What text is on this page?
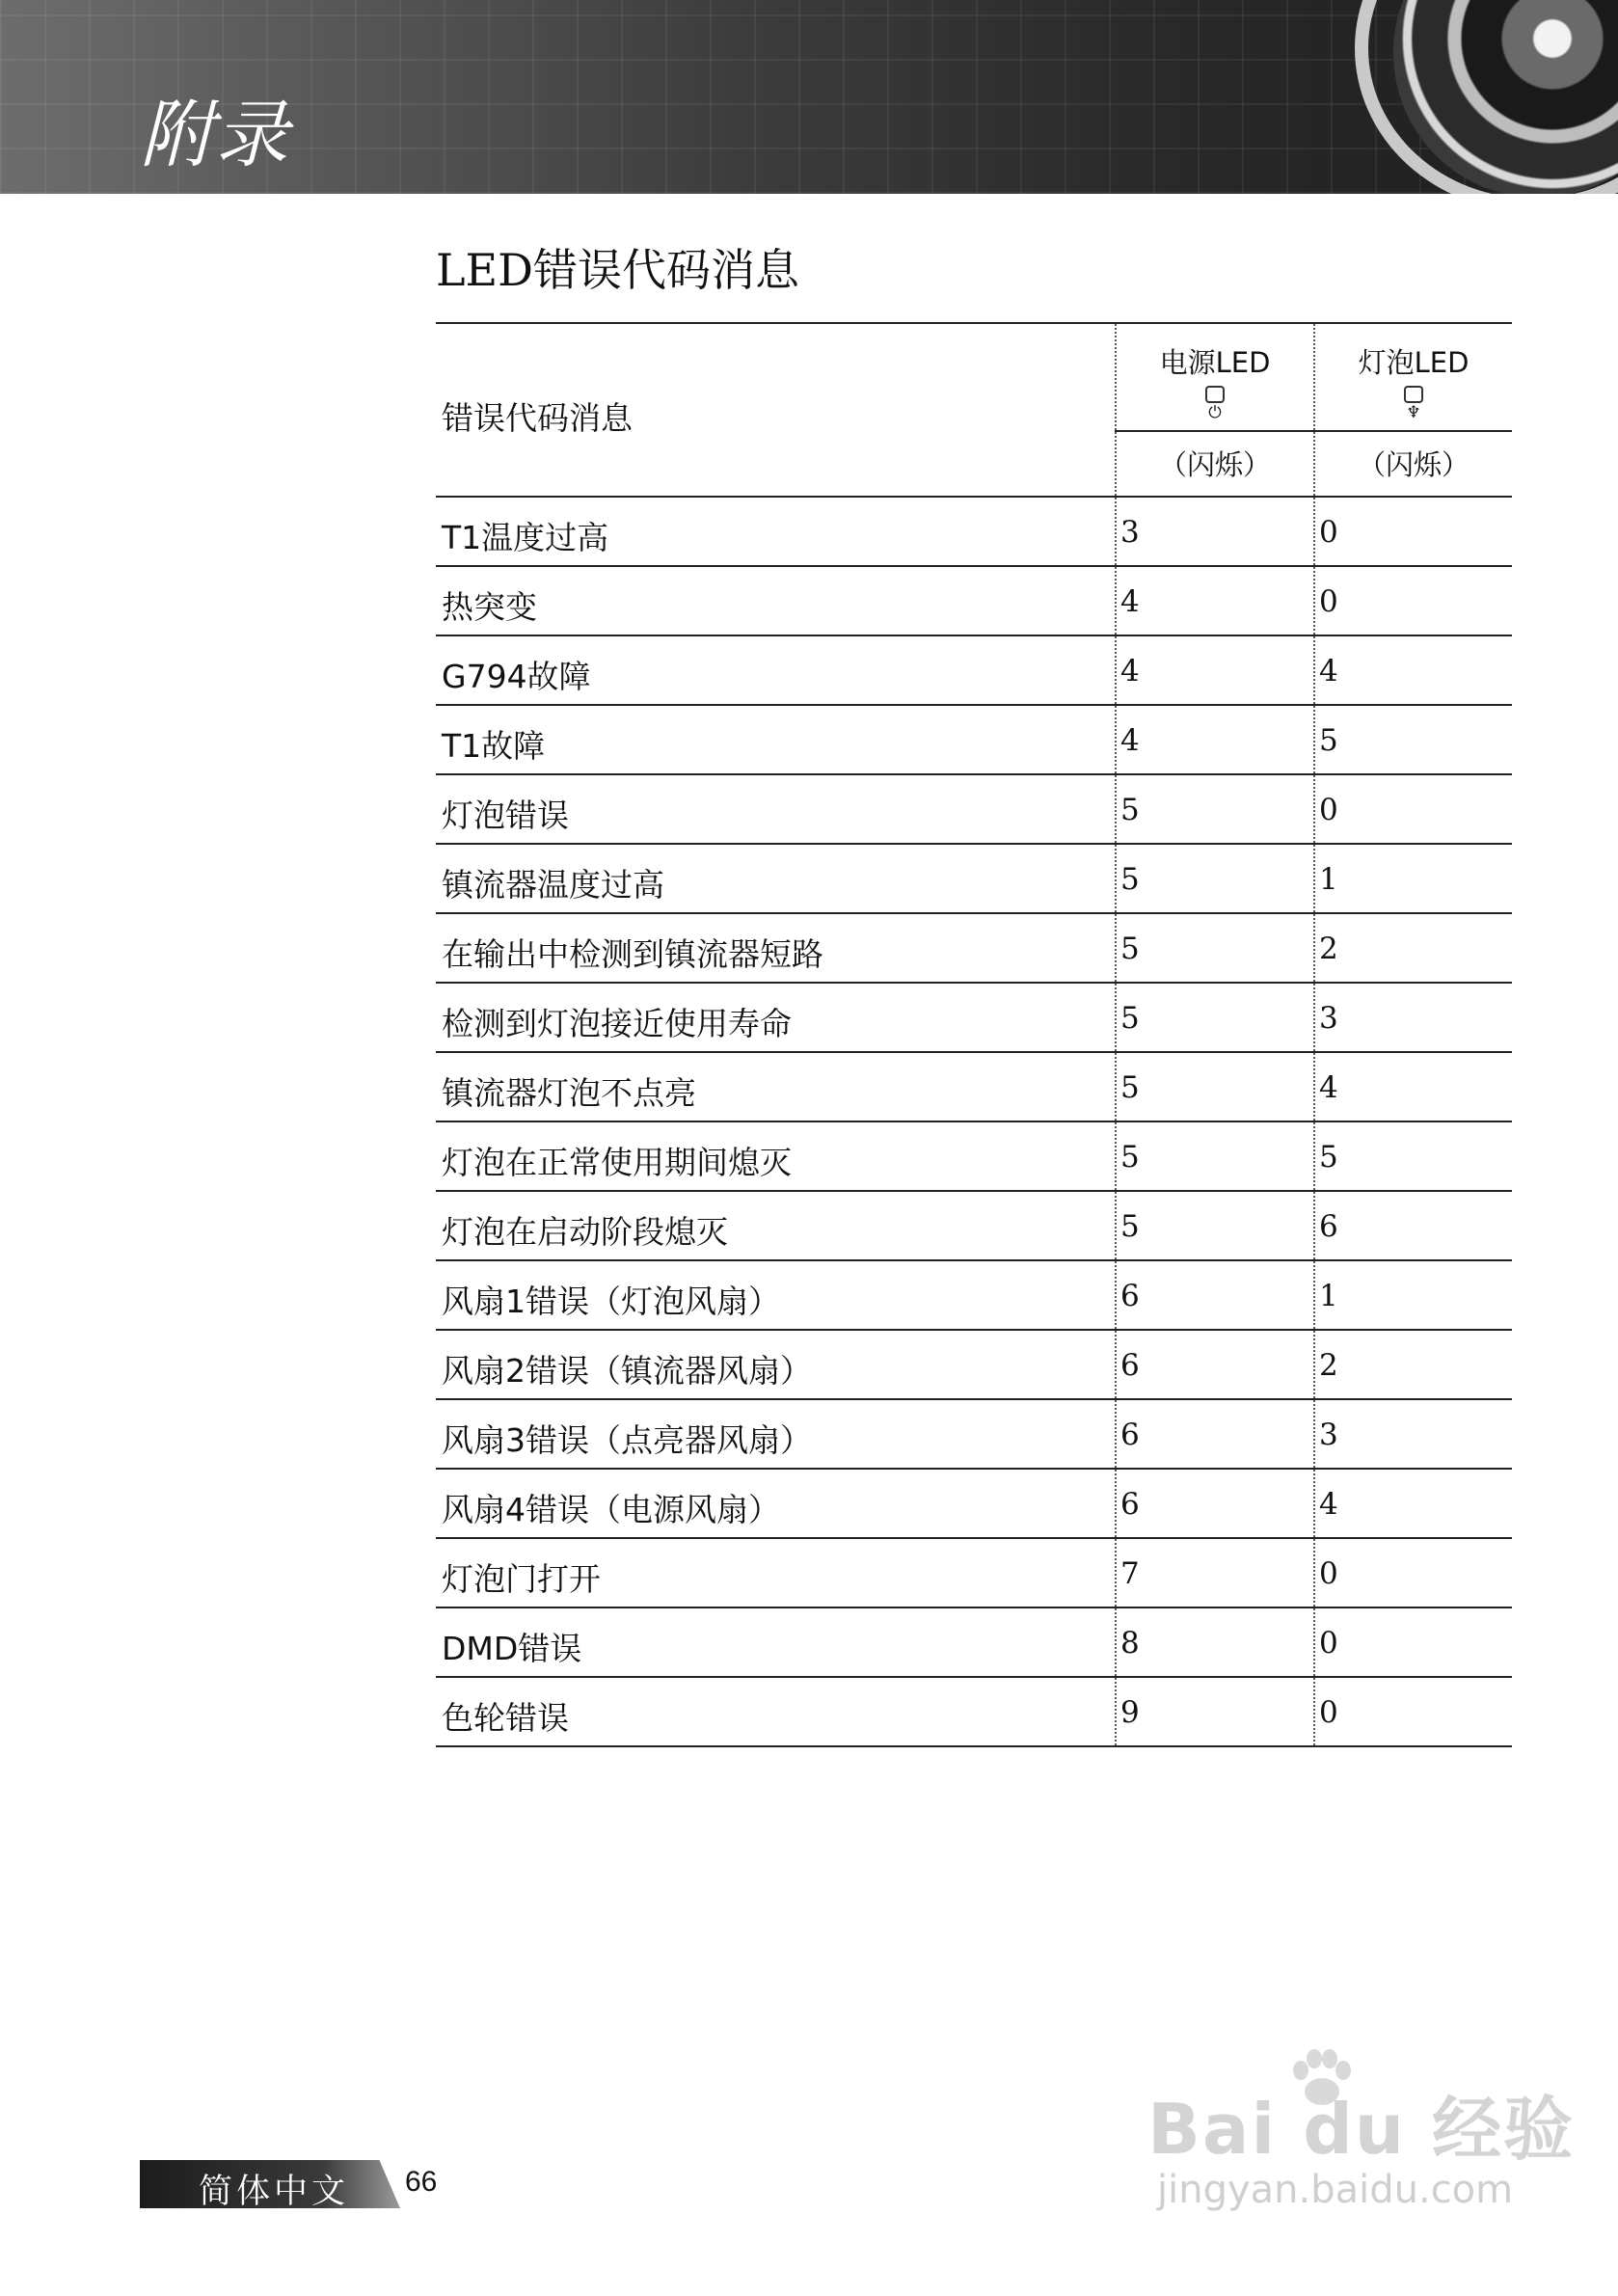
附录
LED错误代码消息
错误代码消息
电源LED
⏻
（闪烁）
灯泡LED
♆
（闪烁）
T1温度过高	3	0
热突变	4	0
G794故障	4	4
T1故障	4	5
灯泡错误	5	0
镇流器温度过高	5	1
在输出中检测到镇流器短路	5	2
检测到灯泡接近使用寿命	5	3
镇流器灯泡不点亮	5	4
灯泡在正常使用期间熄灭	5	5
灯泡在启动阶段熄灭	5	6
风扇1错误（灯泡风扇）	6	1
风扇2错误（镇流器风扇）	6	2
风扇3错误（点亮器风扇）	6	3
风扇4错误（电源风扇）	6	4
灯泡门打开	7	0
DMD错误	8	0
色轮错误	9	0
简体中文 66
Bai du 经验
jingyan.baidu.com
